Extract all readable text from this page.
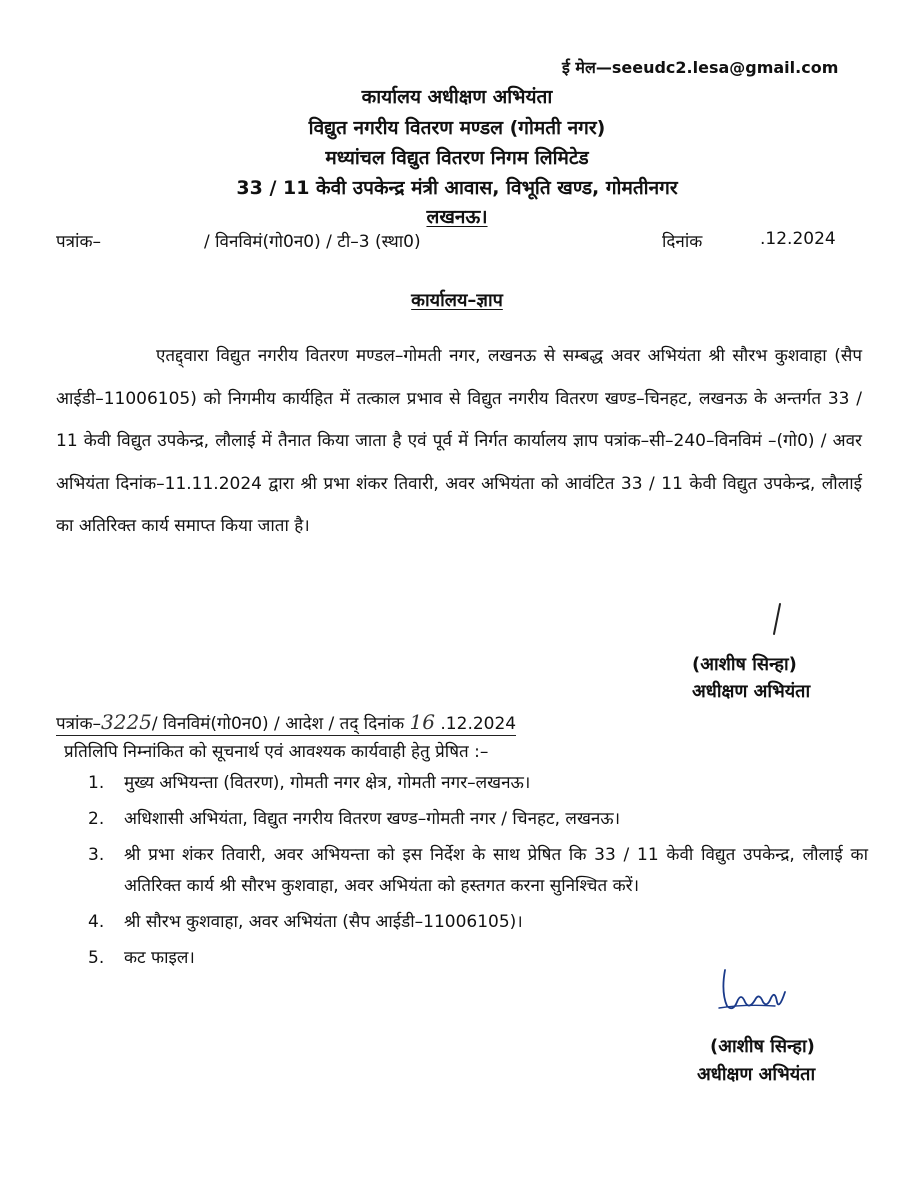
ई मेल—seeudc2.lesa@gmail.com
कार्यालय अधीक्षण अभियंता
विद्युत नगरीय वितरण मण्डल (गोमती नगर)
मध्यांचल विद्युत वितरण निगम लिमिटेड
33 / 11 केवी उपकेन्द्र मंत्री आवास, विभूति खण्ड, गोमतीनगर
लखनऊ।
पत्रांक–	/ विनविमं(गो0न0) / टी–3 (स्था0)	दिनांक	.12.2024
कार्यालय–ज्ञाप
एतद्द्वारा विद्युत नगरीय वितरण मण्डल–गोमती नगर, लखनऊ से सम्बद्ध अवर अभियंता श्री सौरभ कुशवाहा (सैप आईडी–11006105) को निगमीय कार्यहित में तत्काल प्रभाव से विद्युत नगरीय वितरण खण्ड–चिनहट, लखनऊ के अन्तर्गत 33 / 11 केवी विद्युत उपकेन्द्र, लौलाई में तैनात किया जाता है एवं पूर्व में निर्गत कार्यालय ज्ञाप पत्रांक–सी–240–विनविमं –(गो0) / अवर अभियंता दिनांक–11.11.2024 द्वारा श्री प्रभा शंकर तिवारी, अवर अभियंता को आवंटित 33 / 11 केवी विद्युत उपकेन्द्र, लौलाई का अतिरिक्त कार्य समाप्त किया जाता है।
(आशीष सिन्हा)
अधीक्षण अभियंता
पत्रांक–3225/ विनविमं(गो0न0) / आदेश / तद् दिनांक 16 .12.2024
प्रतिलिपि निम्नांकित को सूचनार्थ एवं आवश्यक कार्यवाही हेतु प्रेषित :–
1. मुख्य अभियन्ता (वितरण), गोमती नगर क्षेत्र, गोमती नगर–लखनऊ।
2. अधिशासी अभियंता, विद्युत नगरीय वितरण खण्ड–गोमती नगर / चिनहट, लखनऊ।
3. श्री प्रभा शंकर तिवारी, अवर अभियन्ता को इस निर्देश के साथ प्रेषित कि 33 / 11 केवी विद्युत उपकेन्द्र, लौलाई का अतिरिक्त कार्य श्री सौरभ कुशवाहा, अवर अभियंता को हस्तगत करना सुनिश्चित करें।
4. श्री सौरभ कुशवाहा, अवर अभियंता (सैप आईडी–11006105)।
5. कट फाइल।
(आशीष सिन्हा)
अधीक्षण अभियंता
